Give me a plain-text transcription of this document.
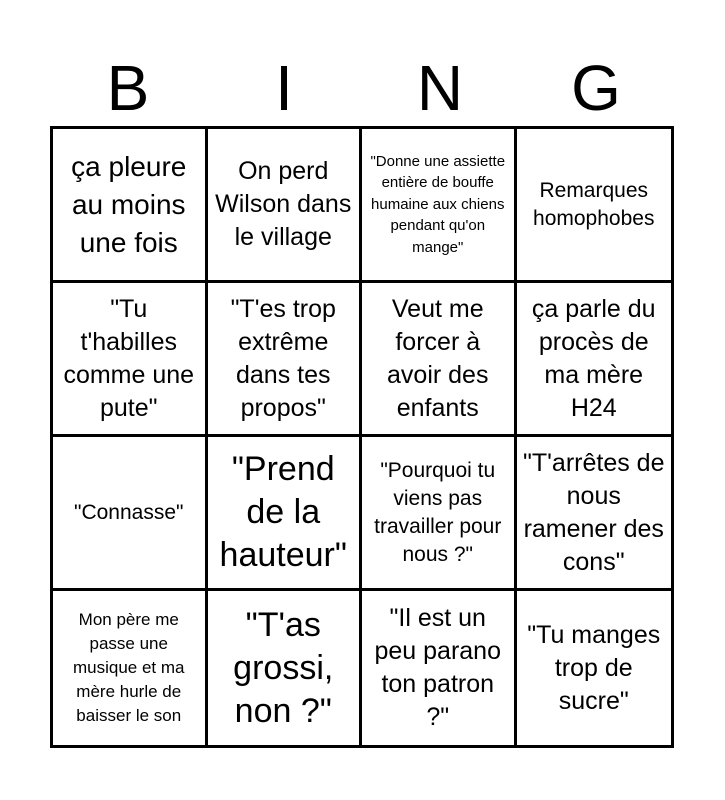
B	I	N	G
ça pleure au moins une fois
On perd Wilson dans le village
"Donne une assiette entière de bouffe humaine aux chiens pendant qu'on mange"
Remarques homophobes
"Tu t'habilles comme une pute"
"T'es trop extrême dans tes propos"
Veut me forcer à avoir des enfants
ça parle du procès de ma mère H24
"Connasse"
"Prend de la hauteur"
"Pourquoi tu viens pas travailler pour nous ?"
"T'arrêtes de nous ramener des cons"
Mon père me passe une musique et ma mère hurle de baisser le son
"T'as grossi, non ?"
"Il est un peu parano ton patron ?"
"Tu manges trop de sucre"
